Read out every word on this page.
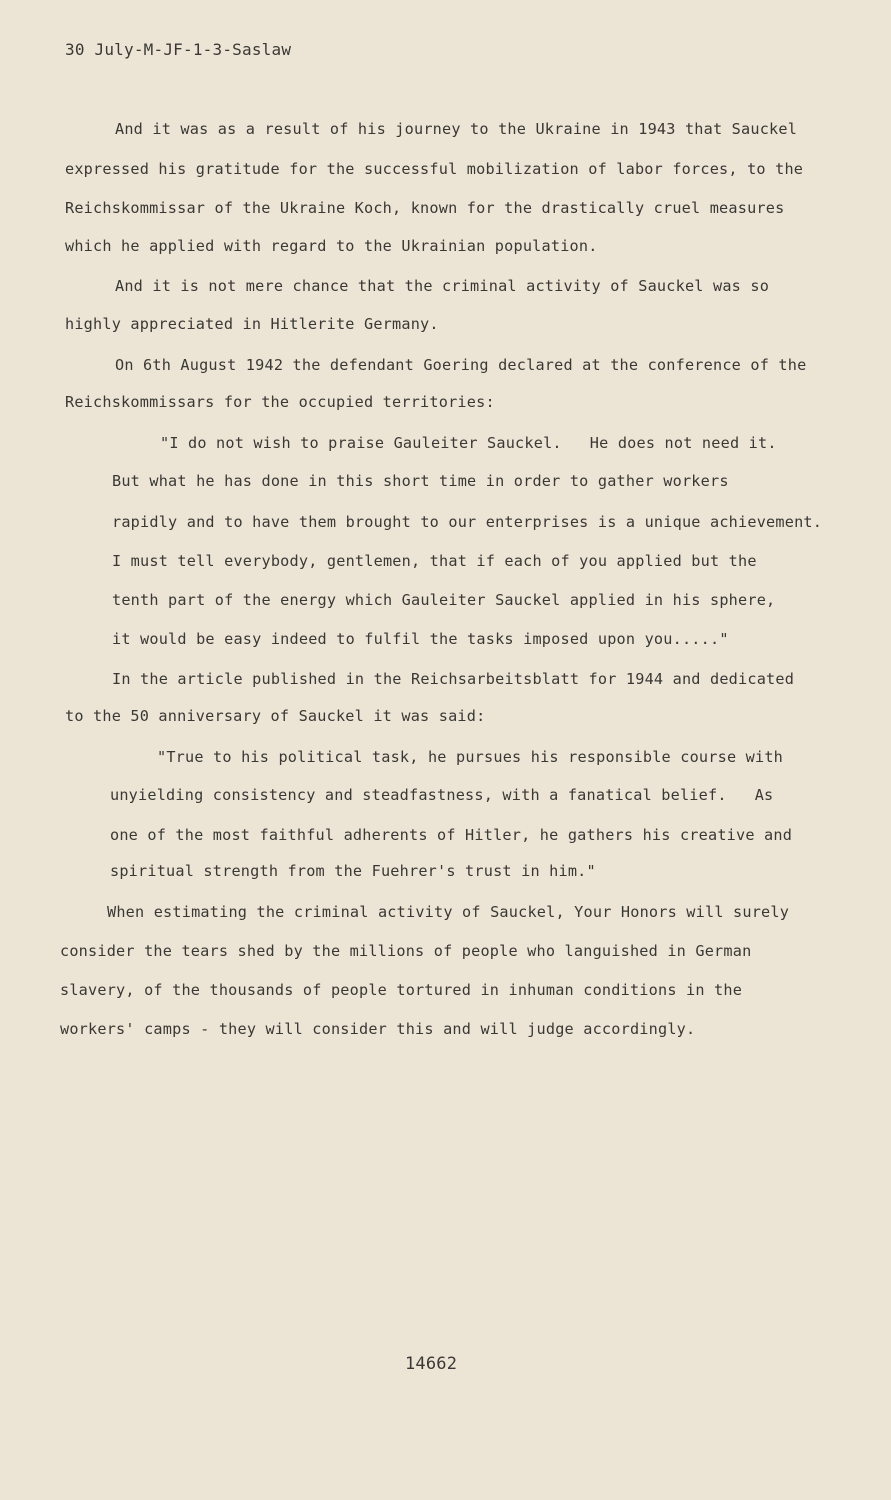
30 July-M-JF-1-3-Saslaw
And it was as a result of his journey to the Ukraine in 1943 that Sauckel
expressed his gratitude for the successful mobilization of labor forces, to the
Reichskommissar of the Ukraine Koch, known for the drastically cruel measures
which he applied with regard to the Ukrainian population.
And it is not mere chance that the criminal activity of Sauckel was so
highly appreciated in Hitlerite Germany.
On 6th August 1942 the defendant Goering declared at the conference of the
Reichskommissars for the occupied territories:
"I do not wish to praise Gauleiter Sauckel.   He does not need it.
But what he has done in this short time in order to gather workers
rapidly and to have them brought to our enterprises is a unique achievement.
I must tell everybody, gentlemen, that if each of you applied but the
tenth part of the energy which Gauleiter Sauckel applied in his sphere,
it would be easy indeed to fulfil the tasks imposed upon you....."
In the article published in the Reichsarbeitsblatt for 1944 and dedicated
to the 50 anniversary of Sauckel it was said:
"True to his political task, he pursues his responsible course with
unyielding consistency and steadfastness, with a fanatical belief.   As
one of the most faithful adherents of Hitler, he gathers his creative and
spiritual strength from the Fuehrer's trust in him."
When estimating the criminal activity of Sauckel, Your Honors will surely
consider the tears shed by the millions of people who languished in German
slavery, of the thousands of people tortured in inhuman conditions in the
workers' camps - they will consider this and will judge accordingly.
14662
